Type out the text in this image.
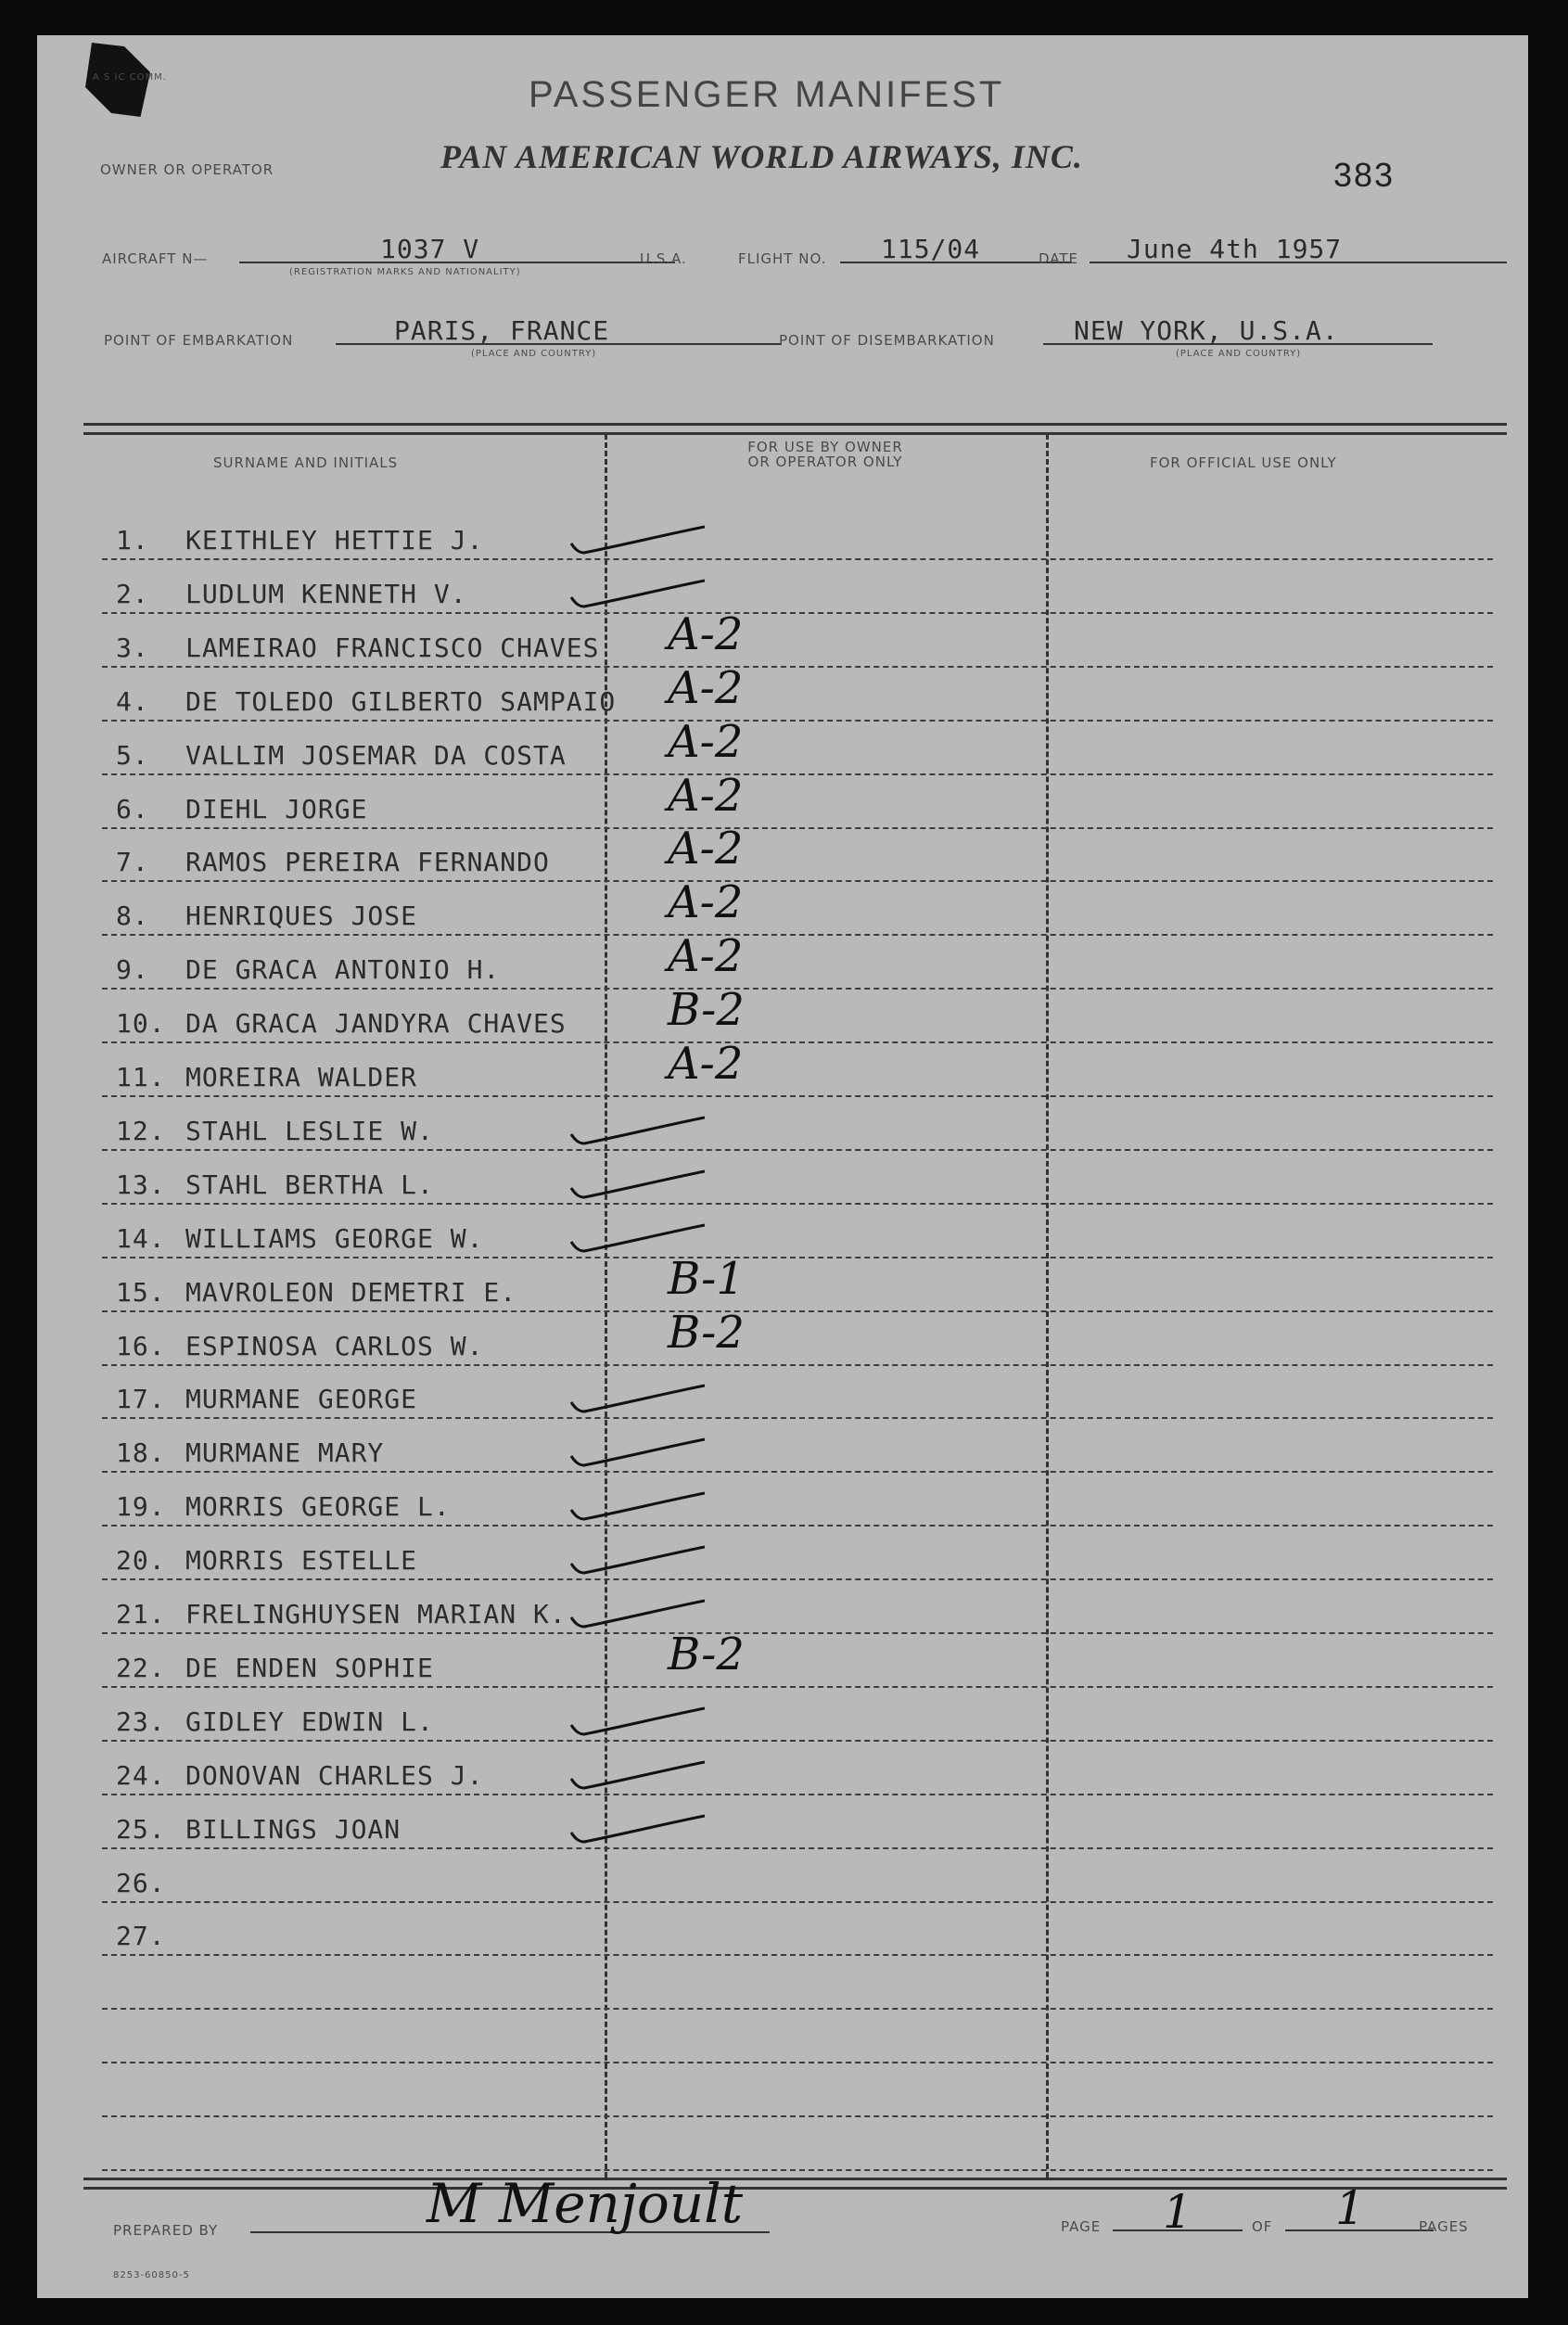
A S IC COMM.	PASSENGER MANIFEST
OWNER OR OPERATOR	PAN AMERICAN WORLD AIRWAYS, INC.	383
AIRCRAFT N—	1037 V
(REGISTRATION MARKS AND NATIONALITY)
U.S.A.	FLIGHT NO. 115/04	DATE June 4th 1957
POINT OF EMBARKATION	PARIS, FRANCE
(PLACE AND COUNTRY)
POINT OF DISEMBARKATION	NEW YORK, U.S.A.
(PLACE AND COUNTRY)
SURNAME AND INITIALS
FOR USE BY OWNER
OR OPERATOR ONLY	FOR OFFICIAL USE ONLY
1. KEITHLEY HETTIE J.
2. LUDLUM KENNETH V.
3. LAMEIRAO FRANCISCO CHAVES A-2
4. DE TOLEDO GILBERTO SAMPAIO A-2
5. VALLIM JOSEMAR DA COSTA A-2
6. DIEHL JORGE	A-2
7. RAMOS PEREIRA FERNANDO	A-2
8. HENRIQUES JOSE	A-2
9. DE GRACA ANTONIO H.	A-2
10. DA GRACA JANDYRA CHAVES B-2
11. MOREIRA WALDER	A-2
12. STAHL LESLIE W.
13. STAHL BERTHA L.
14. WILLIAMS GEORGE W.
15. MAVROLEON DEMETRI E.	B-1
16. ESPINOSA CARLOS W.	B-2
17. MURMANE GEORGE
18. MURMANE MARY
19. MORRIS GEORGE L.
20. MORRIS ESTELLE
21. FRELINGHUYSEN MARIAN K.
22. DE ENDEN SOPHIE	B-2
23. GIDLEY EDWIN L.
24. DONOVAN CHARLES J.
25. BILLINGS JOAN
26.
27.
PREPARED BY	M Menjoult
8253-60850-5
PAGE 1	OF 1	PAGES
